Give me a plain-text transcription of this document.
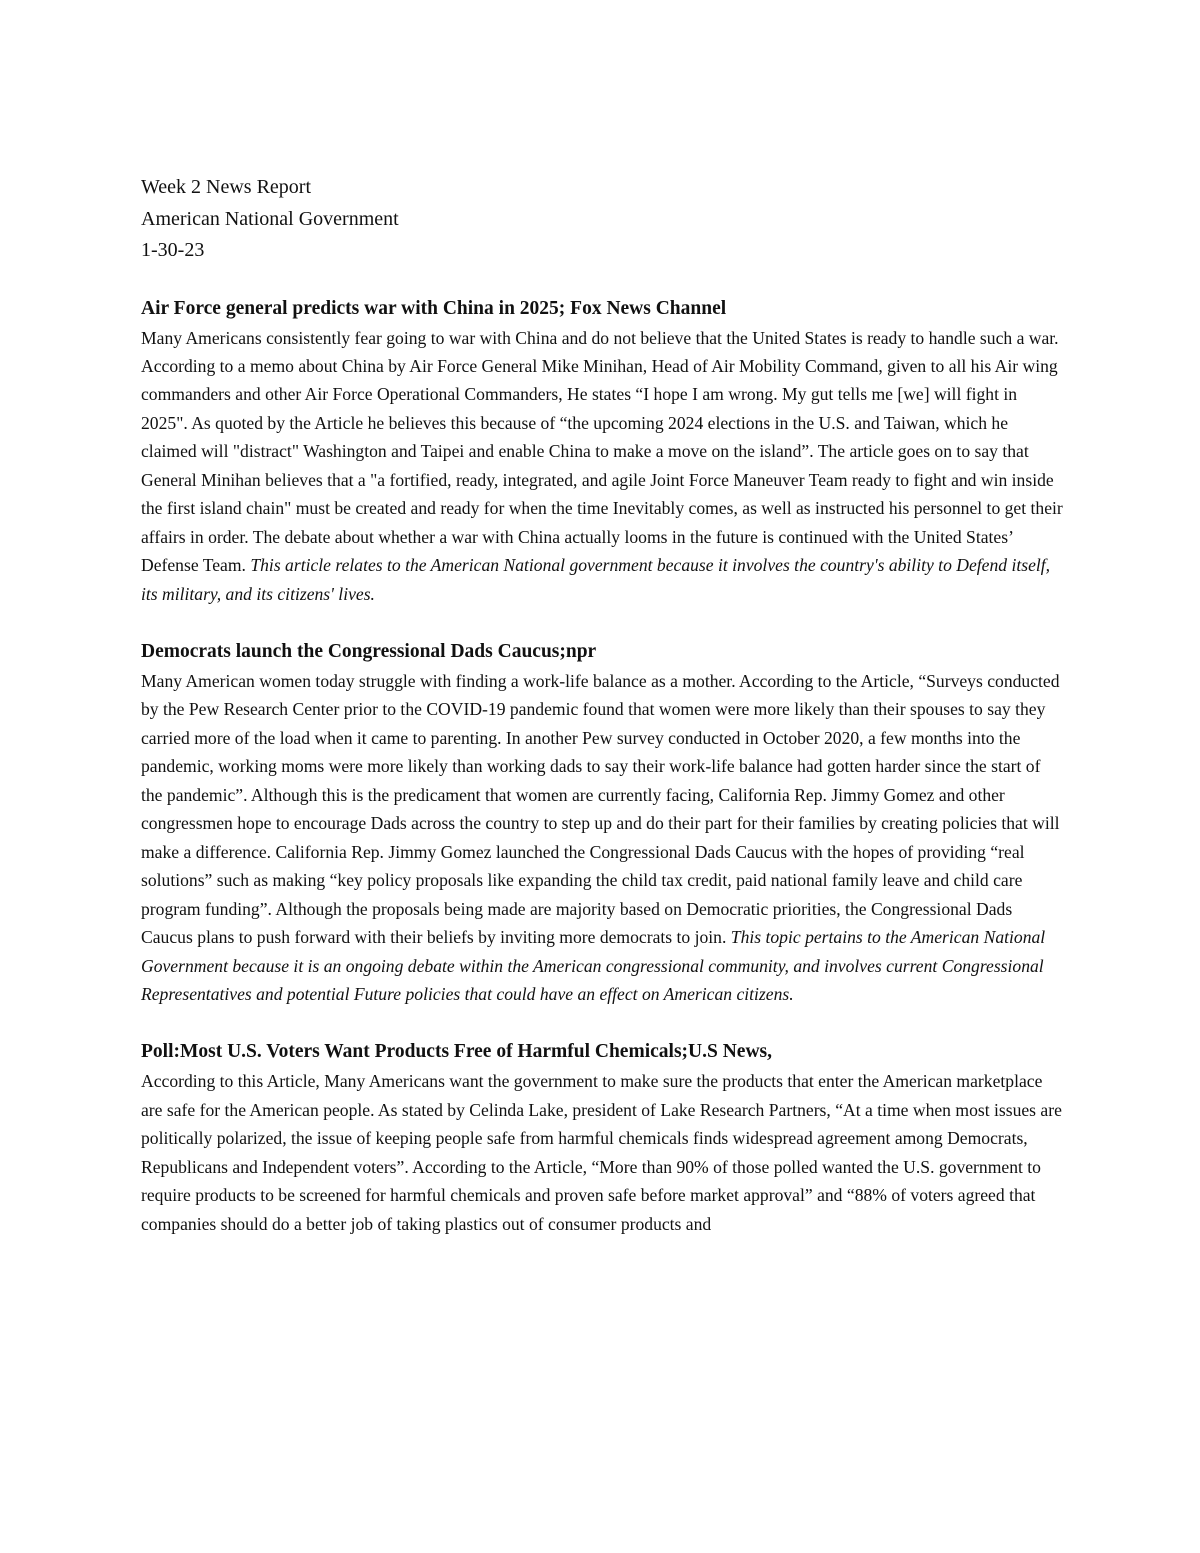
Week 2 News Report

American National Government

1-30-23

Air Force general predicts war with China in 2025; Fox News Channel

Many Americans consistently fear going to war with China and do not believe that the United States is ready to handle such a war. According to a memo about China by Air Force General Mike Minihan, Head of Air Mobility Command, given to all his Air wing commanders and other Air Force Operational Commanders, He states “I hope I am wrong. My gut tells me [we] will fight in 2025". As quoted by the Article he believes this because of “the upcoming 2024 elections in the U.S. and Taiwan, which he claimed will "distract" Washington and Taipei and enable China to make a move on the island”. The article goes on to say that General Minihan believes that a "a fortified, ready, integrated, and agile Joint Force Maneuver Team ready to fight and win inside the first island chain" must be created and ready for when the time Inevitably comes, as well as instructed his personnel to get their affairs in order. The debate about whether a war with China actually looms in the future is continued with the United States’ Defense Team. This article relates to the American National government because it involves the country's ability to Defend itself, its military, and its citizens' lives.

Democrats launch the Congressional Dads Caucus;npr

Many American women today struggle with finding a work-life balance as a mother. According to the Article, “Surveys conducted by the Pew Research Center prior to the COVID-19 pandemic found that women were more likely than their spouses to say they carried more of the load when it came to parenting. In another Pew survey conducted in October 2020, a few months into the pandemic, working moms were more likely than working dads to say their work-life balance had gotten harder since the start of the pandemic”. Although this is the predicament that women are currently facing, California Rep. Jimmy Gomez and other congressmen hope to encourage Dads across the country to step up and do their part for their families by creating policies that will make a difference. California Rep. Jimmy Gomez launched the Congressional Dads Caucus with the hopes of providing “real solutions” such as making “key policy proposals like expanding the child tax credit, paid national family leave and child care program funding”. Although the proposals being made are majority based on Democratic priorities, the Congressional Dads Caucus plans to push forward with their beliefs by inviting more democrats to join. This topic pertains to the American National Government because it is an ongoing debate within the American congressional community, and involves current Congressional Representatives and potential Future policies that could have an effect on American citizens.

Poll:Most U.S. Voters Want Products Free of Harmful Chemicals;U.S News,

According to this Article, Many Americans want the government to make sure the products that enter the American marketplace are safe for the American people. As stated by Celinda Lake, president of Lake Research Partners, “At a time when most issues are politically polarized, the issue of keeping people safe from harmful chemicals finds widespread agreement among Democrats, Republicans and Independent voters”. According to the Article, “More than 90% of those polled wanted the U.S. government to require products to be screened for harmful chemicals and proven safe before market approval” and “88% of voters agreed that companies should do a better job of taking plastics out of consumer products and
